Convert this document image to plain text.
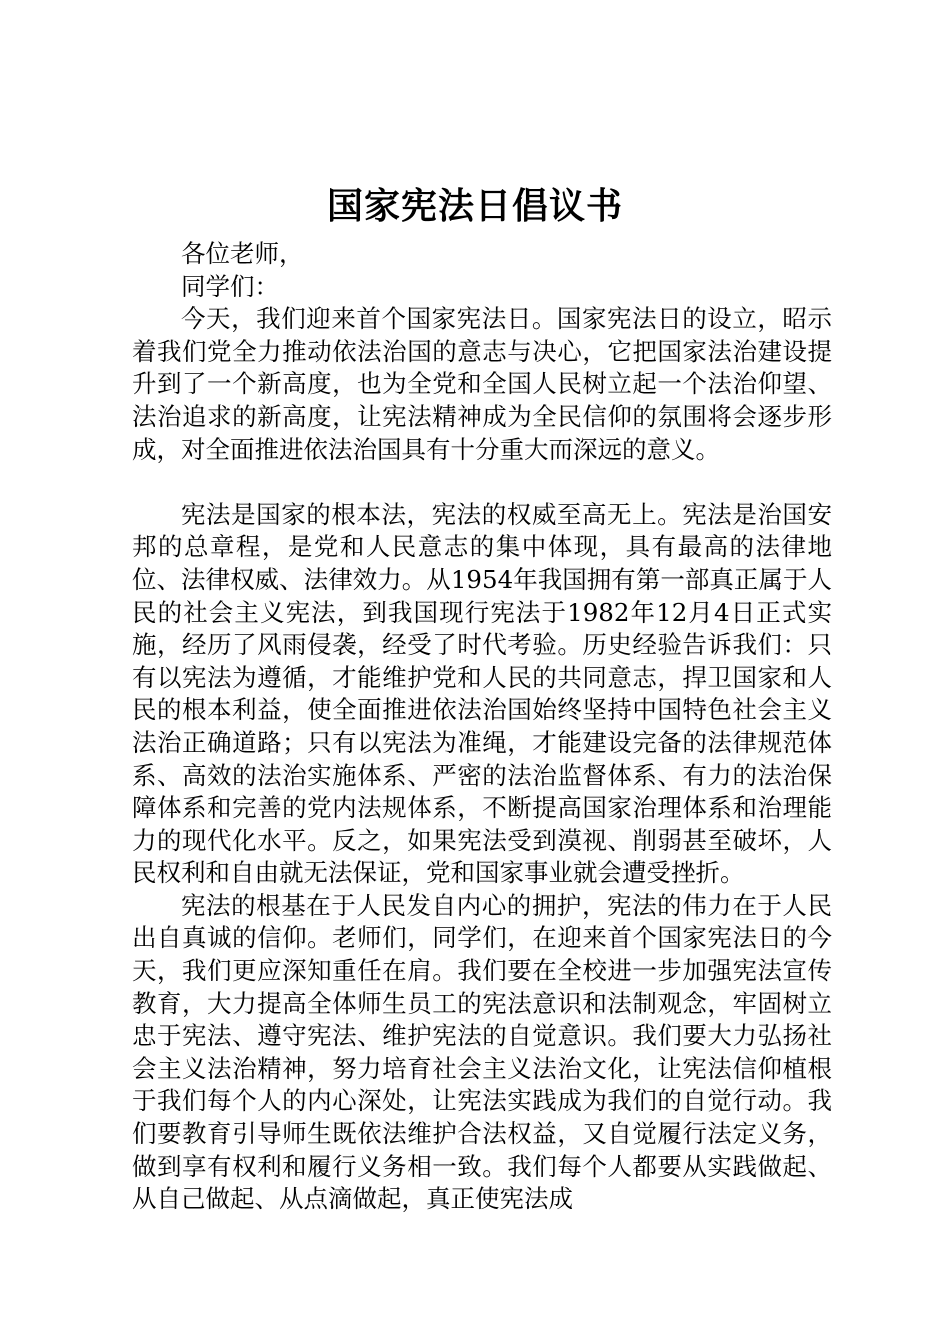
国家宪法日倡议书

各位老师，

同学们：

今天，我们迎来首个国家宪法日。国家宪法日的设立，昭示着我们党全力推动依法治国的意志与决心，它把国家法治建设提升到了一个新高度，也为全党和全国人民树立起一个法治仰望、法治追求的新高度，让宪法精神成为全民信仰的氛围将会逐步形成，对全面推进依法治国具有十分重大而深远的意义。

宪法是国家的根本法，宪法的权威至高无上。宪法是治国安邦的总章程，是党和人民意志的集中体现，具有最高的法律地位、法律权威、法律效力。从1954年我国拥有第一部真正属于人民的社会主义宪法，到我国现行宪法于1982年12月4日正式实施，经历了风雨侵袭，经受了时代考验。历史经验告诉我们：只有以宪法为遵循，才能维护党和人民的共同意志，捍卫国家和人民的根本利益，使全面推进依法治国始终坚持中国特色社会主义法治正确道路；只有以宪法为准绳，才能建设完备的法律规范体系、高效的法治实施体系、严密的法治监督体系、有力的法治保障体系和完善的党内法规体系，不断提高国家治理体系和治理能力的现代化水平。反之，如果宪法受到漠视、削弱甚至破坏，人民权利和自由就无法保证，党和国家事业就会遭受挫折。

宪法的根基在于人民发自内心的拥护，宪法的伟力在于人民出自真诚的信仰。老师们，同学们，在迎来首个国家宪法日的今天，我们更应深知重任在肩。我们要在全校进一步加强宪法宣传教育，大力提高全体师生员工的宪法意识和法制观念，牢固树立忠于宪法、遵守宪法、维护宪法的自觉意识。我们要大力弘扬社会主义法治精神，努力培育社会主义法治文化，让宪法信仰植根于我们每个人的内心深处，让宪法实践成为我们的自觉行动。我们要教育引导师生既依法维护合法权益，又自觉履行法定义务，做到享有权利和履行义务相一致。我们每个人都要从实践做起、从自己做起、从点滴做起，真正使宪法成
